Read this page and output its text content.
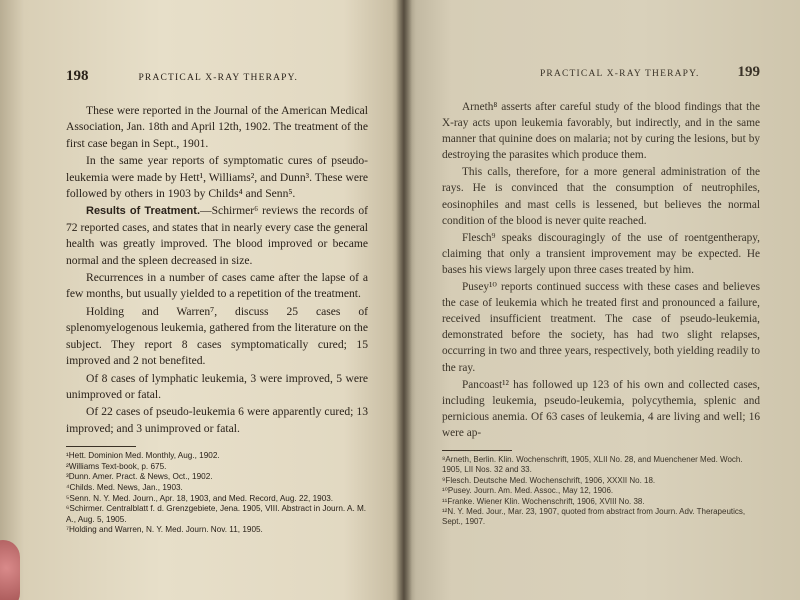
198	PRACTICAL X-RAY THERAPY.

These were reported in the Journal of the American Medical Association, Jan. 18th and April 12th, 1902. The treatment of the first case began in Sept., 1901.

In the same year reports of symptomatic cures of pseudo-leukemia were made by Hett¹, Williams², and Dunn³. These were followed by others in 1903 by Childs⁴ and Senn⁵.

Results of Treatment.—Schirmer⁶ reviews the records of 72 reported cases, and states that in nearly every case the general health was greatly improved. The blood improved or became normal and the spleen decreased in size.

Recurrences in a number of cases came after the lapse of a few months, but usually yielded to a repetition of the treatment.

Holding and Warren⁷, discuss 25 cases of splenomyelogenous leukemia, gathered from the literature on the subject. They report 8 cases symptomatically cured; 15 improved and 2 not benefited.

Of 8 cases of lymphatic leukemia, 3 were improved, 5 were unimproved or fatal.

Of 22 cases of pseudo-leukemia 6 were apparently cured; 13 improved; and 3 unimproved or fatal.

¹Hett. Dominion Med. Monthly, Aug., 1902.

²Williams Text-book, p. 675.

³Dunn. Amer. Pract. & News, Oct., 1902.

⁴Childs. Med. News, Jan., 1903.

⁵Senn. N. Y. Med. Journ., Apr. 18, 1903, and Med. Record, Aug. 22, 1903.

⁶Schirmer. Centralblatt f. d. Grenzgebiete, Jena. 1905, VIII. Abstract in Journ. A. M. A., Aug. 5, 1905.

⁷Holding and Warren, N. Y. Med. Journ. Nov. 11, 1905.

PRACTICAL X-RAY THERAPY.	199

Arneth⁸ asserts after careful study of the blood findings that the X-ray acts upon leukemia favorably, but indirectly, and in the same manner that quinine does on malaria; not by curing the lesions, but by destroying the parasites which produce them.

This calls, therefore, for a more general administration of the rays. He is convinced that the consumption of neutrophiles, eosinophiles and mast cells is lessened, but believes the normal condition of the blood is never quite reached.

Flesch⁹ speaks discouragingly of the use of roentgentherapy, claiming that only a transient improvement may be expected. He bases his views largely upon three cases treated by him.

Pusey¹⁰ reports continued success with these cases and believes the case of leukemia which he treated first and pronounced a failure, received insufficient treatment. The case of pseudo-leukemia, demonstrated before the society, has had two slight relapses, occurring in two and three years, respectively, both yielding readily to the ray.

Pancoast¹² has followed up 123 of his own and collected cases, including leukemia, pseudo-leukemia, polycythemia, splenic and pernicious anemia. Of 63 cases of leukemia, 4 are living and well; 16 were ap-

⁸Arneth, Berlin. Klin. Wochenschrift, 1905, XLII No. 28, and Muenchener Med. Woch. 1905, LII Nos. 32 and 33.

⁹Flesch. Deutsche Med. Wochenschrift, 1906, XXXII No. 18.

¹⁰Pusey. Journ. Am. Med. Assoc., May 12, 1906.

¹¹Franke. Wiener Klin. Wochenschrift, 1906, XVIII No. 38.

¹²N. Y. Med. Jour., Mar. 23, 1907, quoted from abstract from Journ. Adv. Therapeutics, Sept., 1907.
